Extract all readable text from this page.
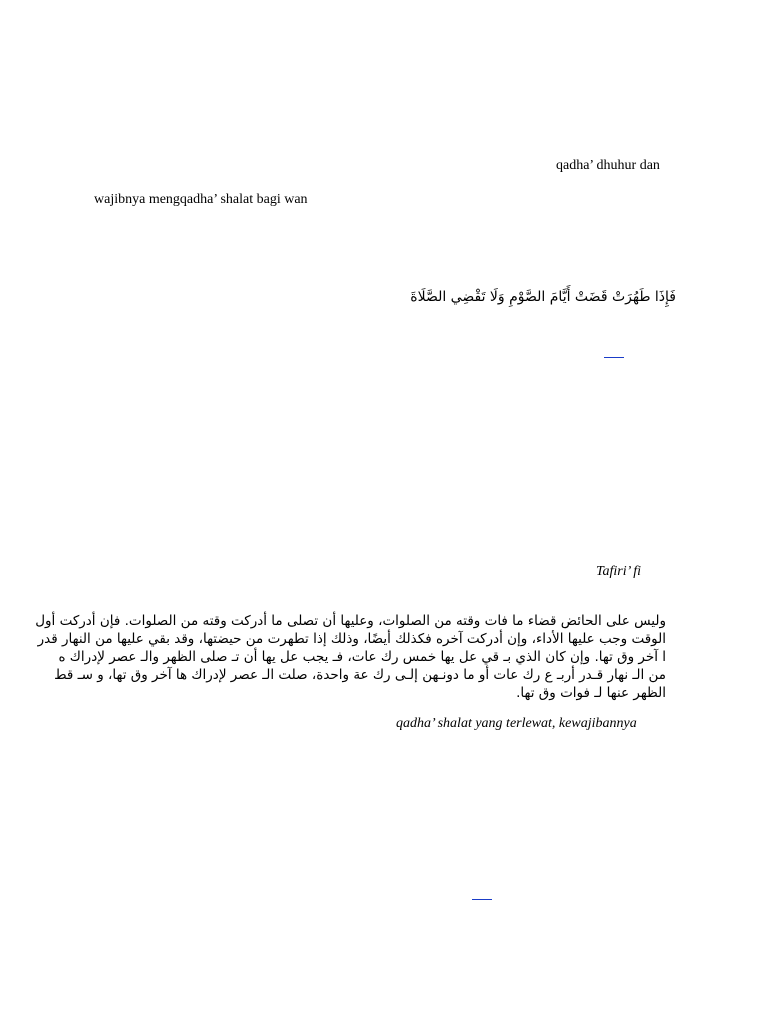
qadha’ dhuhur dan
wajibnya mengqadha’ shalat bagi wan
فَإِذَا طَهُرَتْ قَضَتْ أَيَّامَ الصَّوْمِ وَلَا تَقْضِي الصَّلَاةَ
Tafiri’ fi
وليس على الحائض قضاء ما فات وقته من الصلوات، وعليها أن تصلى ما أدركت وقته من الصلوات. فإن أدركت أول
الوقت وجب عليها الأداء، وإن أدركت آخره فكذلك أيضًا، وذلك إذا تطهرت من حيضتها، وقد بقي عليها من النهار قدر
ا آخر وق تها. وإن كان الذي بـ قي عل يها خمس رك عات، فـ يجب عل يها أن تـ صلى الظهر والـ عصر لإدراك ه
من الـ نهار قـدر أربـ ع رك عات أو ما دونـهن إلـى رك عة واحدة، صلت الـ عصر لإدراك ها آخر وق تها، و سـ قط
الظهر عنها لـ فوات وق تها.
qadha’ shalat yang terlewat, kewajibannya
